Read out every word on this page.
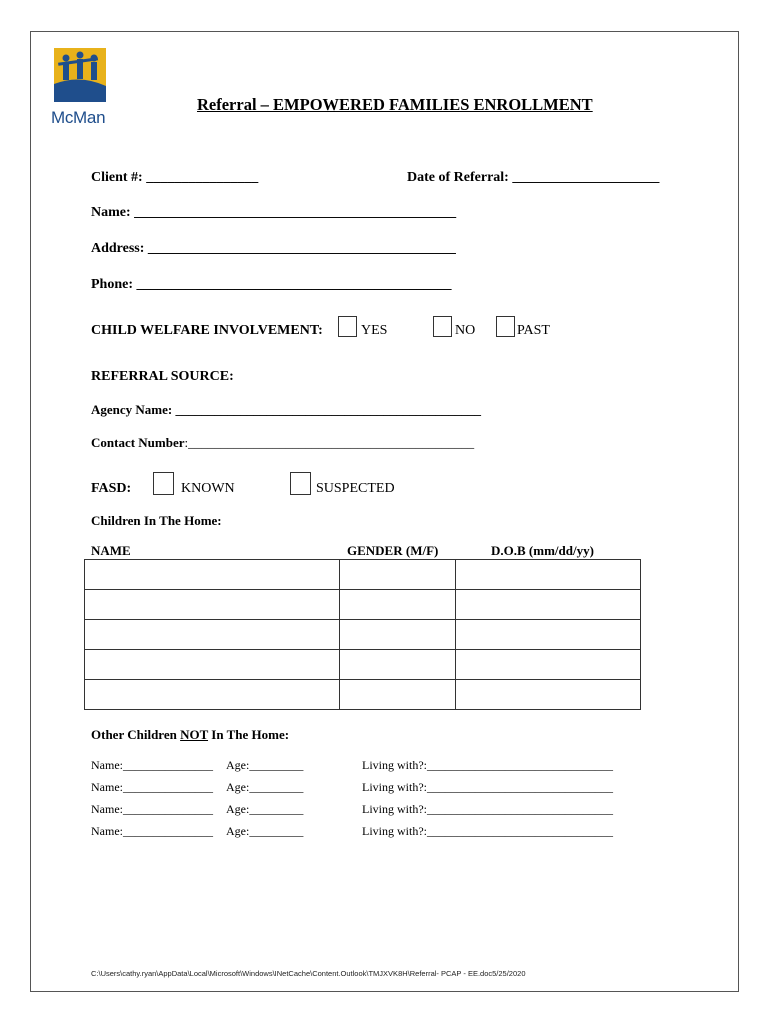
McMan
Referral – EMPOWERED FAMILIES ENROLLMENT
Client #: ________________	Date of Referral: _____________________
Name: ______________________________________________
Address: ____________________________________________
Phone: _____________________________________________
CHILD WELFARE INVOLVEMENT:	YES	NO	PAST
REFERRAL SOURCE:
Agency Name: _______________________________________________
Contact Number:____________________________________________
FASD:	KNOWN	SUSPECTED
Children In The Home:
NAME	GENDER (M/F)	D.O.B (mm/dd/yy)

Other Children NOT In The Home:
Name:_______________ Age:_________	Living with?:_______________________________
Name:_______________ Age:_________	Living with?:_______________________________
Name:_______________ Age:_________	Living with?:_______________________________
Name:_______________ Age:_________	Living with?:_______________________________
C:\Users\cathy.ryan\AppData\Local\Microsoft\Windows\INetCache\Content.Outlook\TMJXVK8H\Referral- PCAP - EE.doc5/25/2020
